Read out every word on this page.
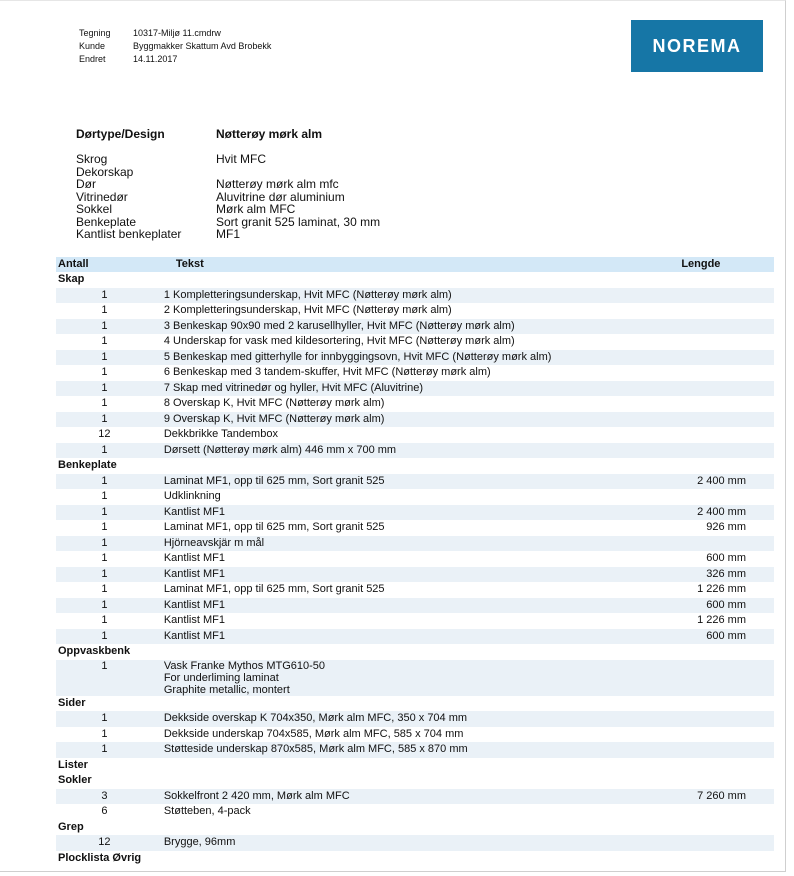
Tegning	10317-Miljø 11.cmdrw
Kunde	Byggmakker Skattum Avd Brobekk
Endret	14.11.2017
NOREMA
Dørtype/Design	Nøtterøy mørk alm
Skrog	Hvit MFC
Dekorskap
Dør	Nøtterøy mørk alm mfc
Vitrinedør	Aluvitrine dør aluminium
Sokkel	Mørk alm MFC
Benkeplate	Sort granit 525 laminat, 30 mm
Kantlist benkeplater	MF1
Antall	Tekst	Lengde
Skap		
1	1 Kompletteringsunderskap, Hvit MFC (Nøtterøy mørk alm)	
1	2 Kompletteringsunderskap, Hvit MFC (Nøtterøy mørk alm)	
1	3 Benkeskap 90x90 med 2 karusellhyller, Hvit MFC (Nøtterøy mørk alm)	
1	4 Underskap for vask med kildesortering, Hvit MFC (Nøtterøy mørk alm)	
1	5 Benkeskap med gitterhylle for innbyggingsovn, Hvit MFC (Nøtterøy mørk alm)	
1	6 Benkeskap med 3 tandem-skuffer, Hvit MFC (Nøtterøy mørk alm)	
1	7 Skap med vitrinedør og hyller, Hvit MFC (Aluvitrine)	
1	8 Overskap K, Hvit MFC (Nøtterøy mørk alm)	
1	9 Overskap K, Hvit MFC (Nøtterøy mørk alm)	
12	Dekkbrikke Tandembox	
1	Dørsett (Nøtterøy mørk alm) 446 mm x 700 mm	
Benkeplate		
1	Laminat MF1, opp til 625 mm, Sort granit 525	2 400 mm
1	Udklinkning	
1	Kantlist MF1	2 400 mm
1	Laminat MF1, opp til 625 mm, Sort granit 525	926 mm
1	Hjörneavskjär m mål	
1	Kantlist MF1	600 mm
1	Kantlist MF1	326 mm
1	Laminat MF1, opp til 625 mm, Sort granit 525	1 226 mm
1	Kantlist MF1	600 mm
1	Kantlist MF1	1 226 mm
1	Kantlist MF1	600 mm
Oppvaskbenk		
1	Vask Franke Mythos MTG610-50
For underliming laminat
Graphite metallic, montert	

Sider		
1	Dekkside overskap K 704x350, Mørk alm MFC, 350 x 704 mm	
1	Dekkside underskap 704x585, Mørk alm MFC, 585 x 704 mm	
1	Støtteside underskap 870x585, Mørk alm MFC, 585 x 870 mm	
Lister		
Sokler		
3	Sokkelfront 2 420 mm, Mørk alm MFC	7 260 mm
6	Støtteben, 4-pack	
Grep		
12	Brygge, 96mm	
Plocklista Øvrig		
